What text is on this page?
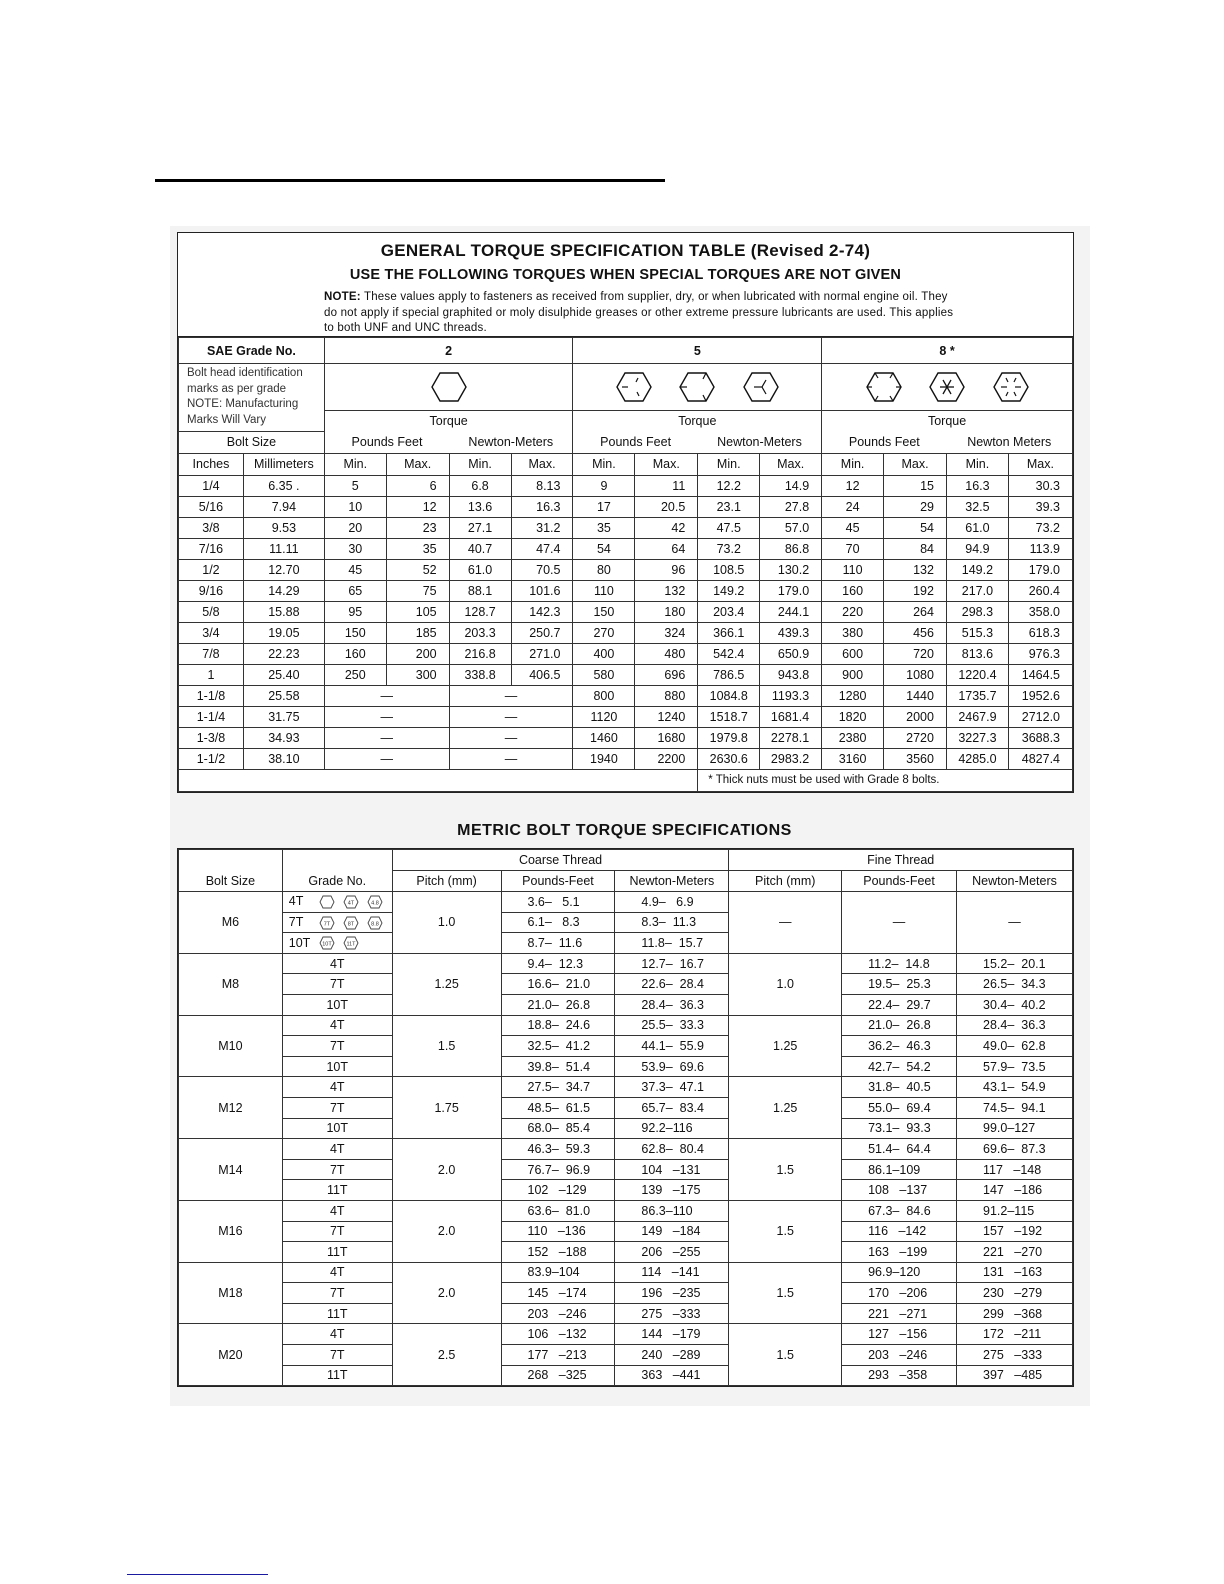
GENERAL TORQUE SPECIFICATION TABLE (Revised 2-74)
USE THE FOLLOWING TORQUES WHEN SPECIAL TORQUES ARE NOT GIVEN
NOTE: These values apply to fasteners as received from supplier, dry, or when lubricated with normal engine oil. They do not apply if special graphited or moly disulphide greases or other extreme pressure lubricants are used. This applies to both UNF and UNC threads.
SAE Grade No.		2				5				8 *			
Bolt head identification marks as per grade NOTE: Manufacturing Marks Will Vary			
		Torque				Torque				Torque			
Bolt Size		Pounds Feet		Newton-Meters		Pounds Feet		Newton-Meters		Pounds Feet		Newton Meters	
Inches	Millimeters	Min.	Max.	Min.	Max.	Min.	Max.	Min.	Max.	Min.	Max.	Min.	Max.
1/4	6.35 .	5	6	6.8	8.13	9	11	12.2	14.9	12	15	16.3	30.3
5/16	7.94	10	12	13.6	16.3	17	20.5	23.1	27.8	24	29	32.5	39.3
3/8	9.53	20	23	27.1	31.2	35	42	47.5	57.0	45	54	61.0	73.2
7/16	11.11	30	35	40.7	47.4	54	64	73.2	86.8	70	84	94.9	113.9
1/2	12.70	45	52	61.0	70.5	80	96	108.5	130.2	110	132	149.2	179.0
9/16	14.29	65	75	88.1	101.6	110	132	149.2	179.0	160	192	217.0	260.4
5/8	15.88	95	105	128.7	142.3	150	180	203.4	244.1	220	264	298.3	358.0
3/4	19.05	150	185	203.3	250.7	270	324	366.1	439.3	380	456	515.3	618.3
7/8	22.23	160	200	216.8	271.0	400	480	542.4	650.9	600	720	813.6	976.3
1	25.40	250	300	338.8	406.5	580	696	786.5	943.8	900	1080	1220.4	1464.5
1-1/8	25.58	—		—		800	880	1084.8	1193.3	1280	1440	1735.7	1952.6
1-1/4	31.75	—		—		1120	1240	1518.7	1681.4	1820	2000	2467.9	2712.0
1-3/8	34.93	—		—		1460	1680	1979.8	2278.1	2380	2720	3227.3	3688.3
1-1/2	38.10	—		—		1940	2200	2630.6	2983.2	3160	3560	4285.0	4827.4
								* Thick nuts must be used with Grade 8 bolts.					
METRIC BOLT TORQUE SPECIFICATIONS
Bolt Size	Grade No.	Coarse Thread			Fine Thread		
		Pitch (mm)	Pounds-Feet	Newton-Meters	Pitch (mm)	Pounds-Feet	Newton-Meters
M6	4T 4T 4.8	1.0	3.6–   5.1	4.9–   6.9	—	—	—
	7T 7T 8T 8.8		6.1–   8.3	8.3–  11.3			
	10T 10T 11T		8.7–  11.6	11.8–  15.7			
M8	4T	1.25	9.4–  12.3	12.7–  16.7	1.0	11.2–  14.8	15.2–  20.1
	7T		16.6–  21.0	22.6–  28.4		19.5–  25.3	26.5–  34.3
	10T		21.0–  26.8	28.4–  36.3		22.4–  29.7	30.4–  40.2
M10	4T	1.5	18.8–  24.6	25.5–  33.3	1.25	21.0–  26.8	28.4–  36.3
	7T		32.5–  41.2	44.1–  55.9		36.2–  46.3	49.0–  62.8
	10T		39.8–  51.4	53.9–  69.6		42.7–  54.2	57.9–  73.5
M12	4T	1.75	27.5–  34.7	37.3–  47.1	1.25	31.8–  40.5	43.1–  54.9
	7T		48.5–  61.5	65.7–  83.4		55.0–  69.4	74.5–  94.1
	10T		68.0–  85.4	92.2–116		73.1–  93.3	99.0–127
M14	4T	2.0	46.3–  59.3	62.8–  80.4	1.5	51.4–  64.4	69.6–  87.3
	7T		76.7–  96.9	104   –131		86.1–109	117   –148
	11T		102   –129	139   –175		108   –137	147   –186
M16	4T	2.0	63.6–  81.0	86.3–110	1.5	67.3–  84.6	91.2–115
	7T		110   –136	149   –184		116   –142	157   –192
	11T		152   –188	206   –255		163   –199	221   –270
M18	4T	2.0	83.9–104	114   –141	1.5	96.9–120	131   –163
	7T		145   –174	196   –235		170   –206	230   –279
	11T		203   –246	275   –333		221   –271	299   –368
M20	4T	2.5	106   –132	144   –179	1.5	127   –156	172   –211
	7T		177   –213	240   –289		203   –246	275   –333
	11T		268   –325	363   –441		293   –358	397   –485
